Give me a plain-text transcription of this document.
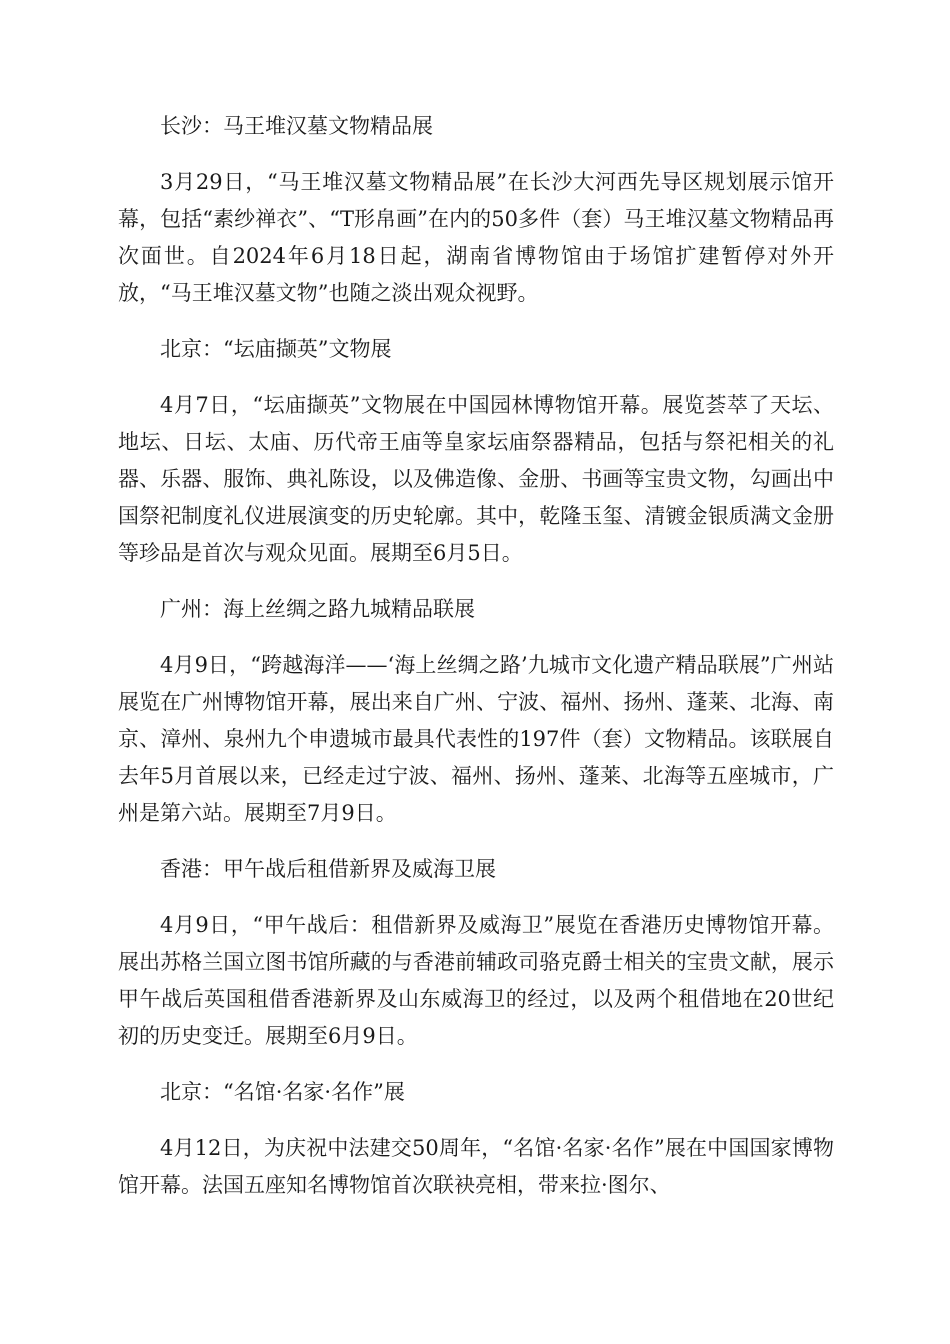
长沙：马王堆汉墓文物精品展

3月29日，“马王堆汉墓文物精品展”在长沙大河西先导区规划展示馆开幕，包括“素纱禅衣”、“T形帛画”在内的50多件（套）马王堆汉墓文物精品再次面世。自2024年6月18日起，湖南省博物馆由于场馆扩建暂停对外开放，“马王堆汉墓文物”也随之淡出观众视野。

北京：“坛庙撷英”文物展

4月7日，“坛庙撷英”文物展在中国园林博物馆开幕。展览荟萃了天坛、地坛、日坛、太庙、历代帝王庙等皇家坛庙祭器精品，包括与祭祀相关的礼器、乐器、服饰、典礼陈设，以及佛造像、金册、书画等宝贵文物，勾画出中国祭祀制度礼仪进展演变的历史轮廓。其中，乾隆玉玺、清镀金银质满文金册等珍品是首次与观众见面。展期至6月5日。

广州：海上丝绸之路九城精品联展

4月9日，“跨越海洋——‘海上丝绸之路’九城市文化遗产精品联展”广州站展览在广州博物馆开幕，展出来自广州、宁波、福州、扬州、蓬莱、北海、南京、漳州、泉州九个申遗城市最具代表性的197件（套）文物精品。该联展自去年5月首展以来，已经走过宁波、福州、扬州、蓬莱、北海等五座城市，广州是第六站。展期至7月9日。

香港：甲午战后租借新界及威海卫展

4月9日，“甲午战后：租借新界及威海卫”展览在香港历史博物馆开幕。展出苏格兰国立图书馆所藏的与香港前辅政司骆克爵士相关的宝贵文献，展示甲午战后英国租借香港新界及山东威海卫的经过，以及两个租借地在20世纪初的历史变迁。展期至6月9日。

北京：“名馆·名家·名作”展

4月12日，为庆祝中法建交50周年，“名馆·名家·名作”展在中国国家博物馆开幕。法国五座知名博物馆首次联袂亮相，带来拉·图尔、
